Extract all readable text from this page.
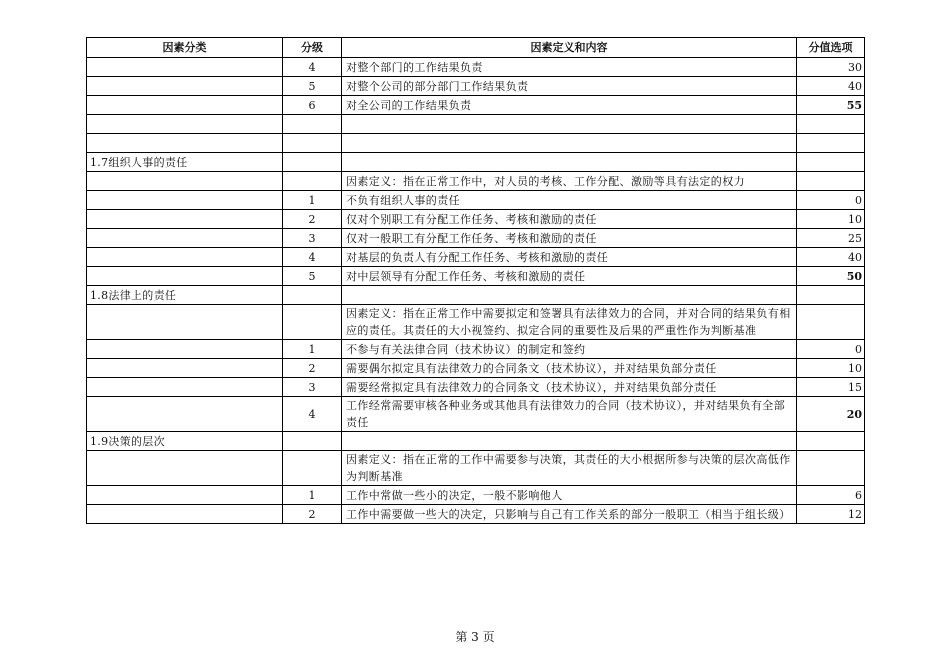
因素分类	分级	因素定义和内容	分值选项
	4	对整个部门的工作结果负责	30
	5	对整个公司的部分部门工作结果负责	40
	6	对全公司的工作结果负责	55

1.7组织人事的责任			
		因素定义：指在正常工作中，对人员的考核、工作分配、激励等具有法定的权力	
	1	不负有组织人事的责任	0
	2	仅对个别职工有分配工作任务、考核和激励的责任	10
	3	仅对一般职工有分配工作任务、考核和激励的责任	25
	4	对基层的负责人有分配工作任务、考核和激励的责任	40
	5	对中层领导有分配工作任务、考核和激励的责任	50
1.8法律上的责任			
		因素定义：指在正常工作中需要拟定和签署具有法律效力的合同，并对合同的结果负有相应的责任。其责任的大小视签约、拟定合同的重要性及后果的严重性作为判断基准	
	1	不参与有关法律合同（技术协议）的制定和签约	0
	2	需要偶尔拟定具有法律效力的合同条文（技术协议），并对结果负部分责任	10
	3	需要经常拟定具有法律效力的合同条文（技术协议），并对结果负部分责任	15
	4	工作经常需要审核各种业务或其他具有法律效力的合同（技术协议），并对结果负有全部责任	20
1.9决策的层次			
		因素定义：指在正常的工作中需要参与决策，其责任的大小根据所参与决策的层次高低作为判断基准	
	1	工作中常做一些小的决定，一般不影响他人	6
	2	工作中需要做一些大的决定，只影响与自己有工作关系的部分一般职工（相当于组长级）	12
第 3 页
